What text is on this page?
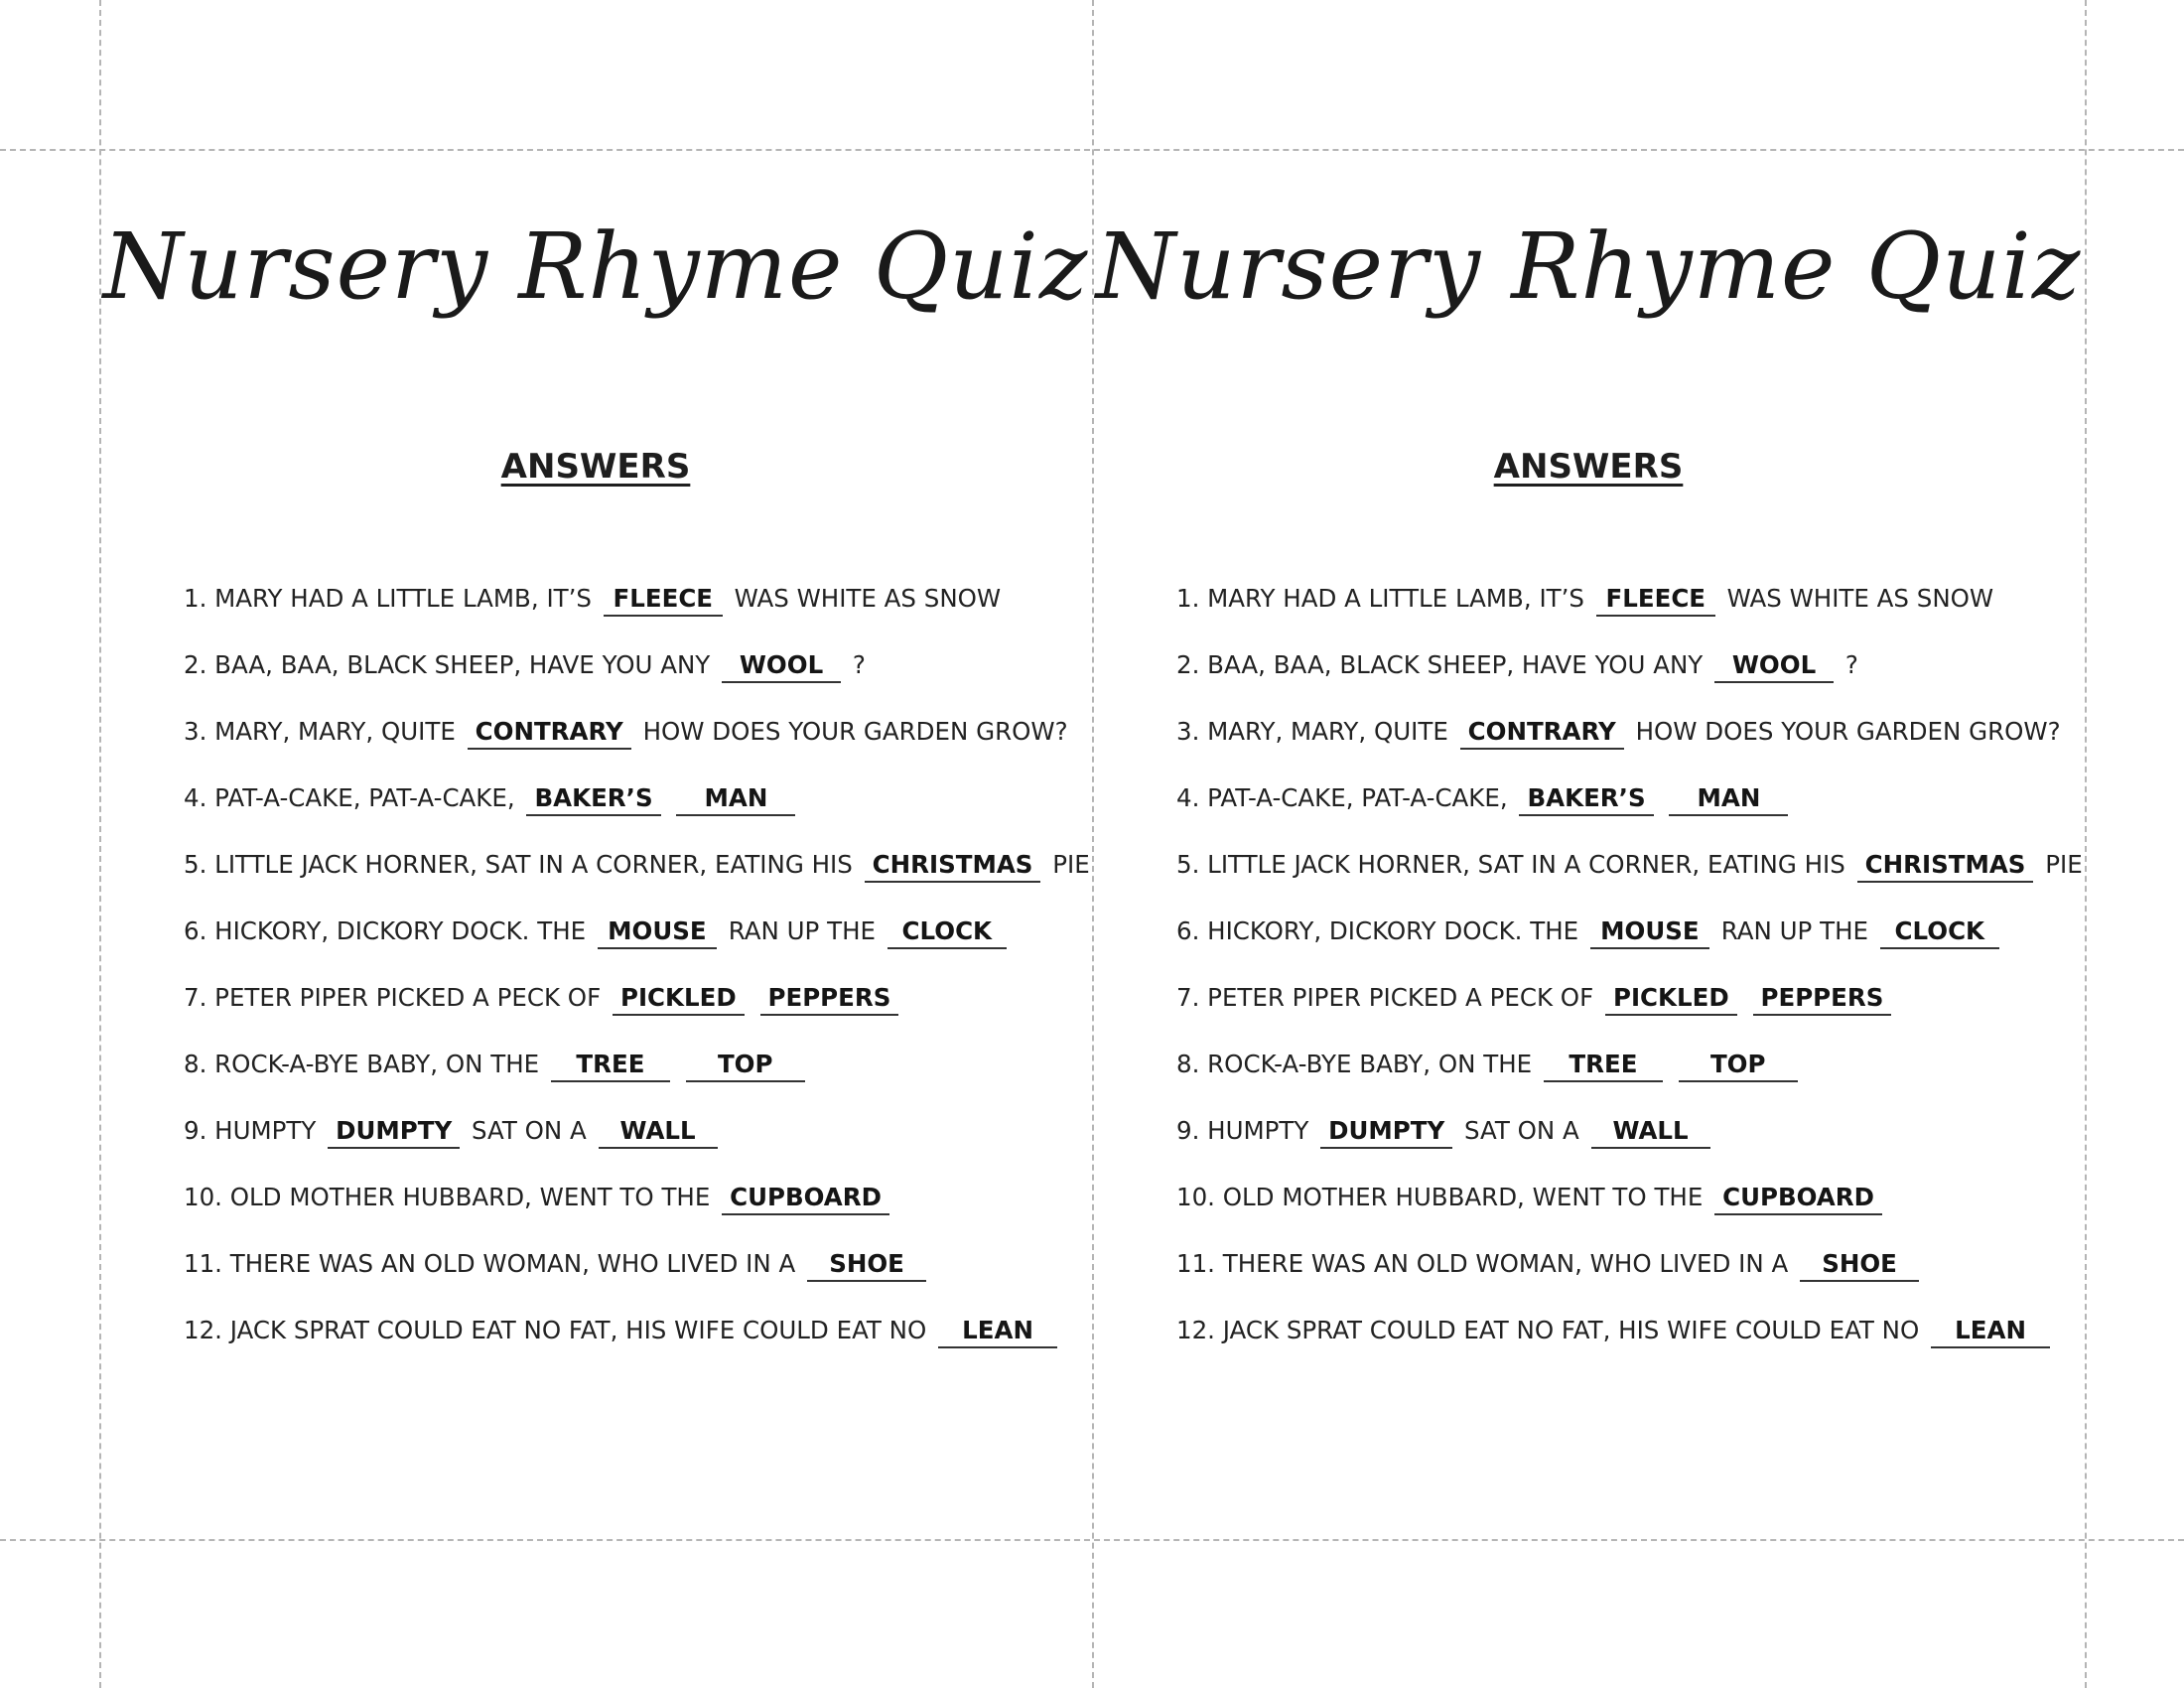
Nursery Rhyme Quiz
ANSWERS
1. MARY HAD A LITTLE LAMB, IT’S FLEECE WAS WHITE AS SNOW
2. BAA, BAA, BLACK SHEEP, HAVE YOU ANY WOOL ?
3. MARY, MARY, QUITE CONTRARY HOW DOES YOUR GARDEN GROW?
4. PAT-A-CAKE, PAT-A-CAKE, BAKER’S MAN
5. LITTLE JACK HORNER, SAT IN A CORNER, EATING HIS CHRISTMAS PIE
6. HICKORY, DICKORY DOCK. THE MOUSE RAN UP THE CLOCK
7. PETER PIPER PICKED A PECK OF PICKLED PEPPERS
8. ROCK-A-BYE BABY, ON THE TREE	TOP
9. HUMPTY DUMPTY SAT ON A WALL
10. OLD MOTHER HUBBARD, WENT TO THE CUPBOARD
11. THERE WAS AN OLD WOMAN, WHO LIVED IN A SHOE
12. JACK SPRAT COULD EAT NO FAT, HIS WIFE COULD EAT NO LEAN
Nursery Rhyme Quiz
ANSWERS
1. MARY HAD A LITTLE LAMB, IT’S FLEECE WAS WHITE AS SNOW
2. BAA, BAA, BLACK SHEEP, HAVE YOU ANY WOOL ?
3. MARY, MARY, QUITE CONTRARY HOW DOES YOUR GARDEN GROW?
4. PAT-A-CAKE, PAT-A-CAKE, BAKER’S MAN
5. LITTLE JACK HORNER, SAT IN A CORNER, EATING HIS CHRISTMAS PIE
6. HICKORY, DICKORY DOCK. THE MOUSE RAN UP THE CLOCK
7. PETER PIPER PICKED A PECK OF PICKLED PEPPERS
8. ROCK-A-BYE BABY, ON THE TREE	TOP
9. HUMPTY DUMPTY SAT ON A WALL
10. OLD MOTHER HUBBARD, WENT TO THE CUPBOARD
11. THERE WAS AN OLD WOMAN, WHO LIVED IN A SHOE
12. JACK SPRAT COULD EAT NO FAT, HIS WIFE COULD EAT NO LEAN
